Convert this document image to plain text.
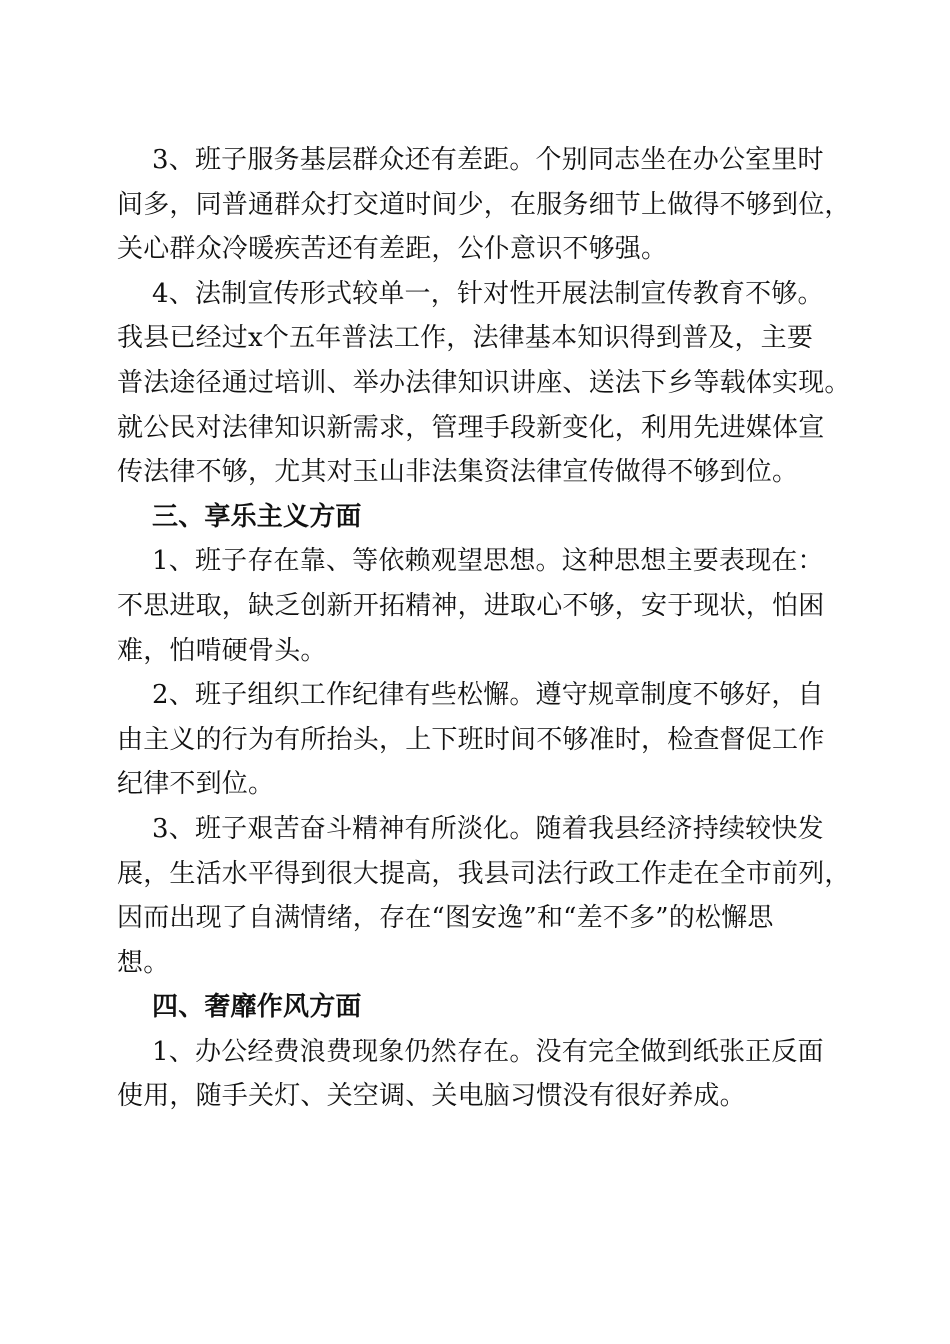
3、班子服务基层群众还有差距。个别同志坐在办公室里时
间多，同普通群众打交道时间少，在服务细节上做得不够到位，
关心群众冷暖疾苦还有差距，公仆意识不够强。
4、法制宣传形式较单一，针对性开展法制宣传教育不够。
我县已经过x个五年普法工作，法律基本知识得到普及，主要
普法途径通过培训、举办法律知识讲座、送法下乡等载体实现。
就公民对法律知识新需求，管理手段新变化，利用先进媒体宣
传法律不够，尤其对玉山非法集资法律宣传做得不够到位。
三、享乐主义方面
1、班子存在靠、等依赖观望思想。这种思想主要表现在：
不思进取，缺乏创新开拓精神，进取心不够，安于现状，怕困
难，怕啃硬骨头。
2、班子组织工作纪律有些松懈。遵守规章制度不够好，自
由主义的行为有所抬头，上下班时间不够准时，检查督促工作
纪律不到位。
3、班子艰苦奋斗精神有所淡化。随着我县经济持续较快发
展，生活水平得到很大提高，我县司法行政工作走在全市前列，
因而出现了自满情绪，存在“图安逸”和“差不多”的松懈思
想。
四、奢靡作风方面
1、办公经费浪费现象仍然存在。没有完全做到纸张正反面
使用，随手关灯、关空调、关电脑习惯没有很好养成。
